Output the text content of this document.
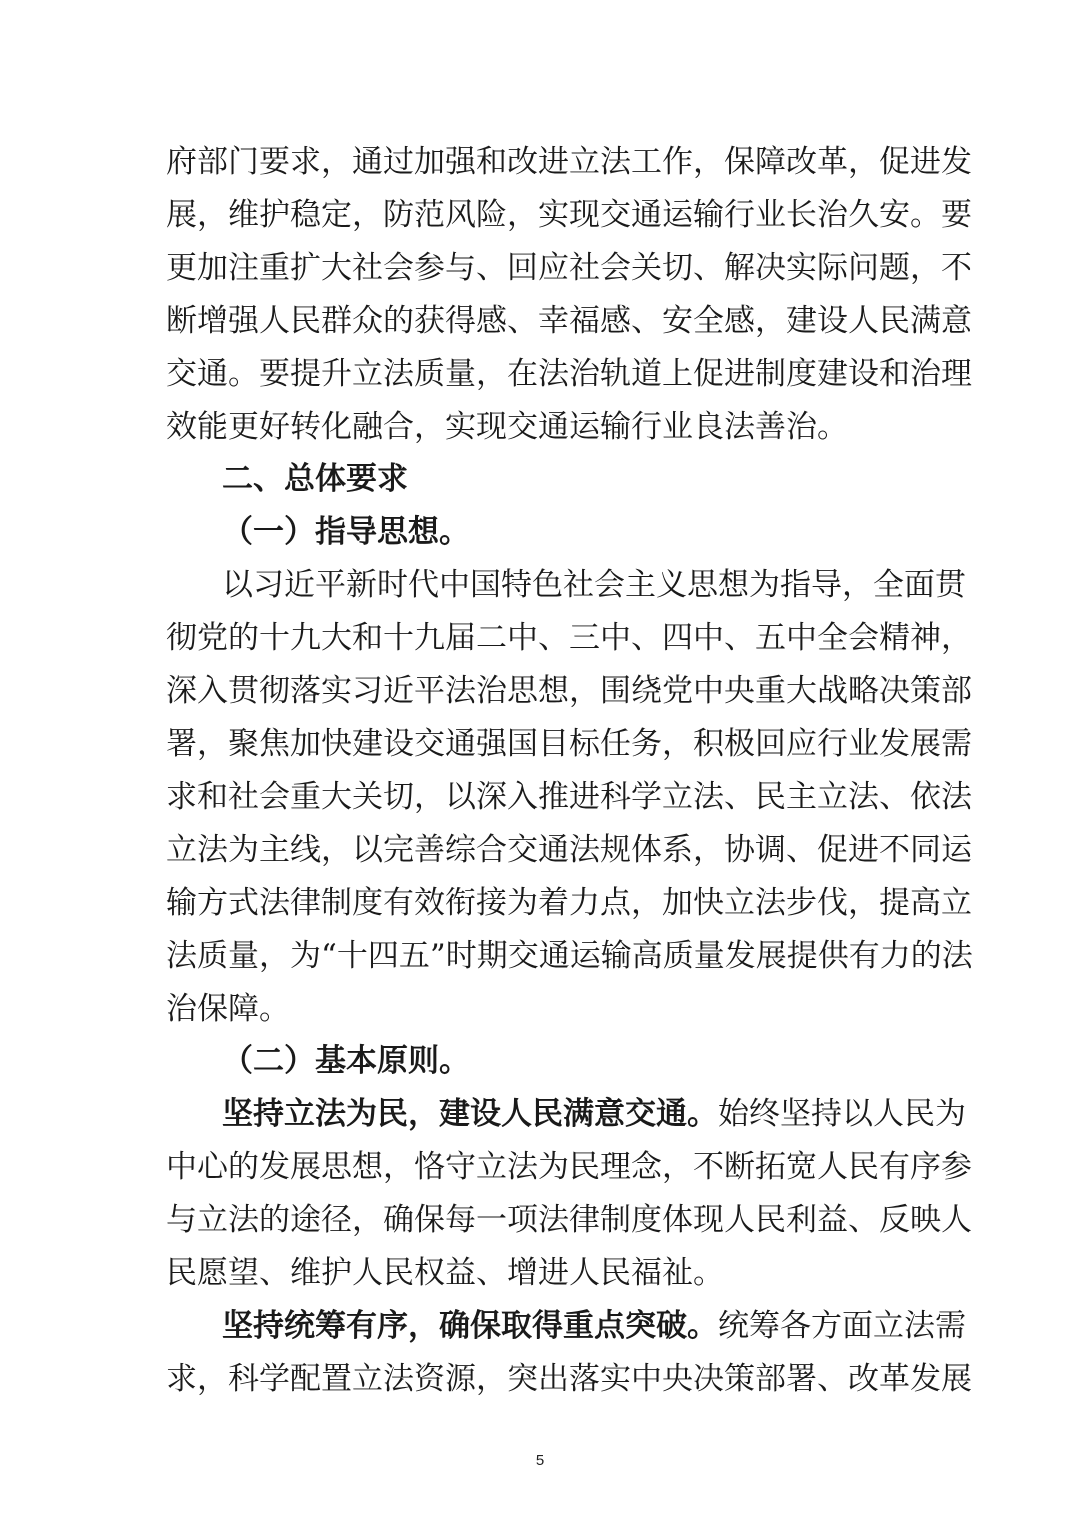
府部门要求，通过加强和改进立法工作，保障改革，促进发
展，维护稳定，防范风险，实现交通运输行业长治久安。要
更加注重扩大社会参与、回应社会关切、解决实际问题，不
断增强人民群众的获得感、幸福感、安全感，建设人民满意
交通。要提升立法质量，在法治轨道上促进制度建设和治理
效能更好转化融合，实现交通运输行业良法善治。
二、总体要求
（一）指导思想。
以习近平新时代中国特色社会主义思想为指导，全面贯
彻党的十九大和十九届二中、三中、四中、五中全会精神，
深入贯彻落实习近平法治思想，围绕党中央重大战略决策部
署，聚焦加快建设交通强国目标任务，积极回应行业发展需
求和社会重大关切，以深入推进科学立法、民主立法、依法
立法为主线，以完善综合交通法规体系，协调、促进不同运
输方式法律制度有效衔接为着力点，加快立法步伐，提高立
法质量，为“十四五”时期交通运输高质量发展提供有力的法
治保障。
（二）基本原则。
坚持立法为民，建设人民满意交通。始终坚持以人民为
中心的发展思想，恪守立法为民理念，不断拓宽人民有序参
与立法的途径，确保每一项法律制度体现人民利益、反映人
民愿望、维护人民权益、增进人民福祉。
坚持统筹有序，确保取得重点突破。统筹各方面立法需
求，科学配置立法资源，突出落实中央决策部署、改革发展
5
